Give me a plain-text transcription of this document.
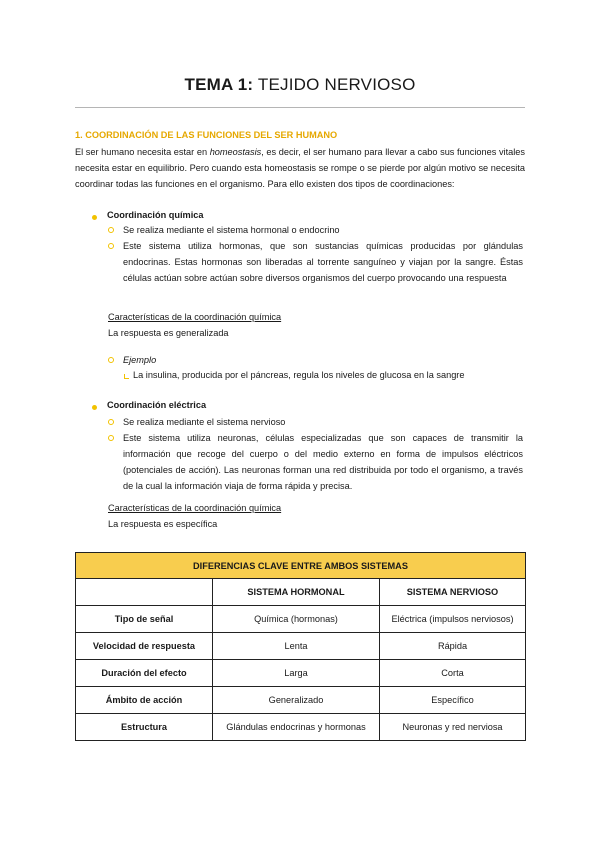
TEMA 1: TEJIDO NERVIOSO
1. COORDINACIÓN DE LAS FUNCIONES DEL SER HUMANO
El ser humano necesita estar en homeostasis, es decir, el ser humano para llevar a cabo sus funciones vitales necesita estar en equilibrio. Pero cuando esta homeostasis se rompe o se pierde por algún motivo se necesita coordinar todas las funciones en el organismo. Para ello existen dos tipos de coordinaciones:
Coordinación química
Se realiza mediante el sistema hormonal o endocrino
Este sistema utiliza hormonas, que son sustancias químicas producidas por glándulas endocrinas. Estas hormonas son liberadas al torrente sanguíneo y viajan por la sangre. Éstas células actúan sobre actúan sobre diversos organismos del cuerpo provocando una respuesta
Características de la coordinación química
La respuesta es generalizada
Ejemplo
La insulina, producida por el páncreas, regula los niveles de glucosa en la sangre
Coordinación eléctrica
Se realiza mediante el sistema nervioso
Este sistema utiliza neuronas, células especializadas que son capaces de transmitir la información que recoge del cuerpo o del medio externo en forma de impulsos eléctricos (potenciales de acción). Las neuronas forman una red distribuida por todo el organismo, a través de la cual la información viaja de forma rápida y precisa.
Características de la coordinación química
La respuesta es específica
DIFERENCIAS CLAVE ENTRE AMBOS SISTEMAS		
	SISTEMA HORMONAL	SISTEMA NERVIOSO
Tipo de señal	Química (hormonas)	Eléctrica (impulsos nerviosos)
Velocidad de respuesta	Lenta	Rápida
Duración del efecto	Larga	Corta
Ámbito de acción	Generalizado	Específico
Estructura	Glándulas endocrinas y hormonas	Neuronas y red nerviosa
